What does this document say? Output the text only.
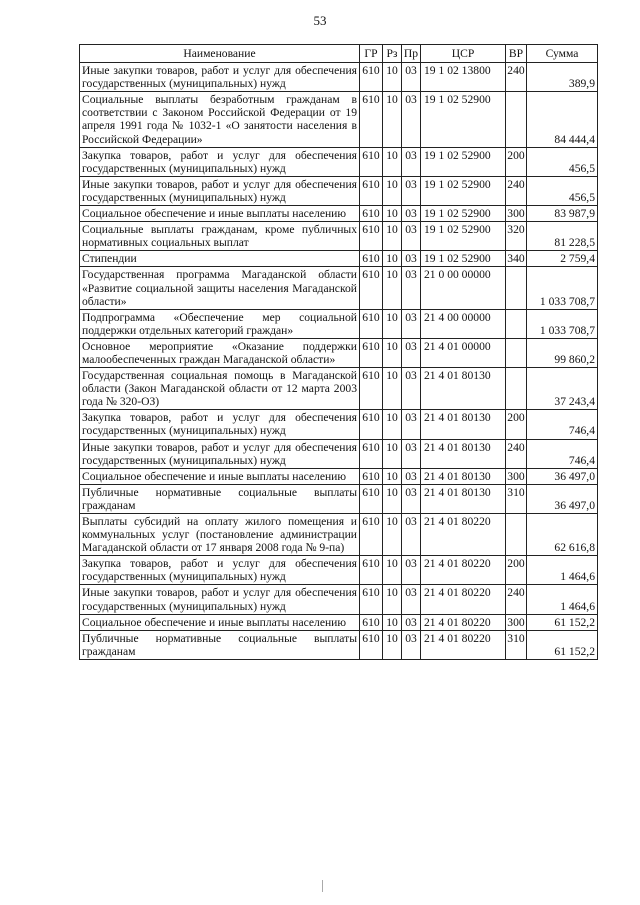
53
Наименование	ГР	Рз	Пр	ЦСР	ВР	Сумма
Иные закупки товаров, работ и услуг для обеспечения государственных (муниципальных) нужд	610	10	03	19 1 02 13800	240	389,9
Социальные выплаты безработным гражданам в соответствии с Законом Российской Федерации от 19 апреля 1991 года № 1032-1 «О занятости населения в Российской Федерации»	610	10	03	19 1 02 52900		84 444,4
Закупка товаров, работ и услуг для обеспечения государственных (муниципальных) нужд	610	10	03	19 1 02 52900	200	456,5
Иные закупки товаров, работ и услуг для обеспечения государственных (муниципальных) нужд	610	10	03	19 1 02 52900	240	456,5
Социальное обеспечение и иные выплаты населению	610	10	03	19 1 02 52900	300	83 987,9
Социальные выплаты гражданам, кроме публичных нормативных социальных выплат	610	10	03	19 1 02 52900	320	81 228,5
Стипендии	610	10	03	19 1 02 52900	340	2 759,4
Государственная программа Магаданской области «Развитие социальной защиты населения Магаданской области»	610	10	03	21 0 00 00000		1 033 708,7
Подпрограмма «Обеспечение мер социальной поддержки отдельных категорий граждан»	610	10	03	21 4 00 00000		1 033 708,7
Основное мероприятие «Оказание поддержки малообеспеченных граждан Магаданской области»	610	10	03	21 4 01 00000		99 860,2
Государственная социальная помощь в Магаданской области (Закон Магаданской области от 12 марта 2003 года № 320-ОЗ)	610	10	03	21 4 01 80130		37 243,4
Закупка товаров, работ и услуг для обеспечения государственных (муниципальных) нужд	610	10	03	21 4 01 80130	200	746,4
Иные закупки товаров, работ и услуг для обеспечения государственных (муниципальных) нужд	610	10	03	21 4 01 80130	240	746,4
Социальное обеспечение и иные выплаты населению	610	10	03	21 4 01 80130	300	36 497,0
Публичные нормативные социальные выплаты гражданам	610	10	03	21 4 01 80130	310	36 497,0
Выплаты субсидий на оплату жилого помещения и коммунальных услуг (постановление администрации Магаданской области от 17 января 2008 года № 9-па)	610	10	03	21 4 01 80220		62 616,8
Закупка товаров, работ и услуг для обеспечения государственных (муниципальных) нужд	610	10	03	21 4 01 80220	200	1 464,6
Иные закупки товаров, работ и услуг для обеспечения государственных (муниципальных) нужд	610	10	03	21 4 01 80220	240	1 464,6
Социальное обеспечение и иные выплаты населению	610	10	03	21 4 01 80220	300	61 152,2
Публичные нормативные социальные выплаты гражданам	610	10	03	21 4 01 80220	310	61 152,2
